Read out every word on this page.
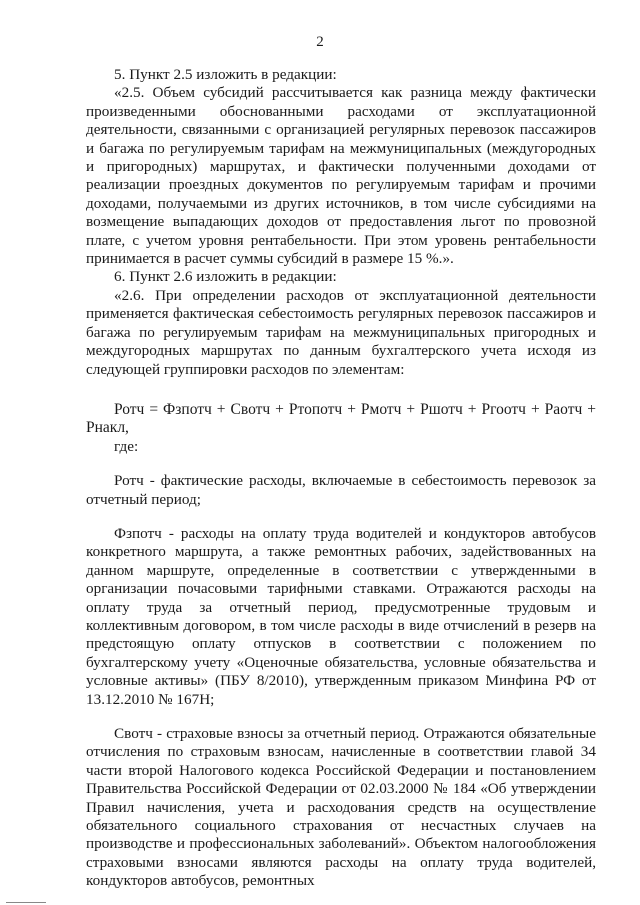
2

5. Пункт 2.5 изложить в редакции:

«2.5. Объем субсидий рассчитывается как разница между фактически произведенными обоснованными расходами от эксплуатационной деятельности, связанными с организацией регулярных перевозок пассажиров и багажа по регулируемым тарифам на межмуниципальных (междугородных и пригородных) маршрутах, и фактически полученными доходами от реализации проездных документов по регулируемым тарифам и прочими доходами, получаемыми из других источников, в том числе субсидиями на возмещение выпадающих доходов от предоставления льгот по провозной плате, с учетом уровня рентабельности. При этом уровень рентабельности принимается в расчет суммы субсидий в размере 15 %.».

6. Пункт 2.6 изложить в редакции:

«2.6. При определении расходов от эксплуатационной деятельности применяется фактическая себестоимость регулярных перевозок пассажиров и багажа по регулируемым тарифам на межмуниципальных пригородных и междугородных маршрутах по данным бухгалтерского учета исходя из следующей группировки расходов по элементам:

Ротч = Фзпотч + Свотч + Ртопотч + Рмотч + Ршотч + Ргоотч + Раотч + Рнакл,

где:

Ротч - фактические расходы, включаемые в себестоимость перевозок за отчетный период;

Фзпотч - расходы на оплату труда водителей и кондукторов автобусов конкретного маршрута, а также ремонтных рабочих, задействованных на данном маршруте, определенные в соответствии с утвержденными в организации почасовыми тарифными ставками. Отражаются расходы на оплату труда за отчетный период, предусмотренные трудовым и коллективным договором, в том числе расходы в виде отчислений в резерв на предстоящую оплату отпусков в соответствии с положением по бухгалтерскому учету «Оценочные обязательства, условные обязательства и условные активы» (ПБУ 8/2010), утвержденным приказом Минфина РФ от 13.12.2010 № 167Н;

Свотч - страховые взносы за отчетный период. Отражаются обязательные отчисления по страховым взносам, начисленные в соответствии главой 34 части второй Налогового кодекса Российской Федерации и постановлением Правительства Российской Федерации от 02.03.2000 № 184 «Об утверждении Правил начисления, учета и расходования средств на осуществление обязательного социального страхования от несчастных случаев на производстве и профессиональных заболеваний». Объектом налогообложения страховыми взносами являются расходы на оплату труда водителей, кондукторов автобусов, ремонтных
